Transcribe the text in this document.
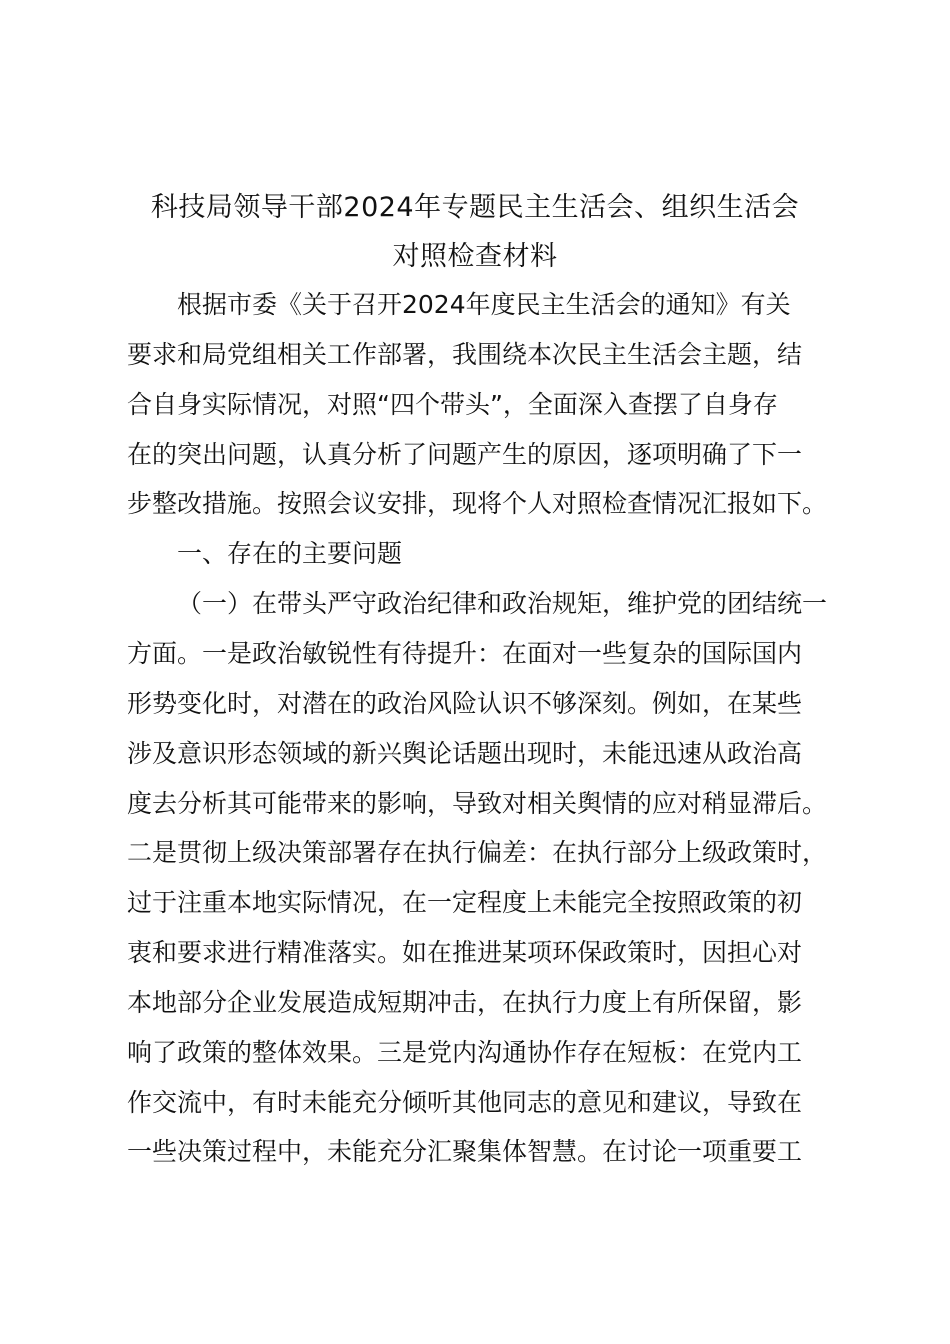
科技局领导干部2024年专题民主生活会、组织生活会
对照检查材料
根据市委《关于召开2024年度民主生活会的通知》有关
要求和局党组相关工作部署，我围绕本次民主生活会主题，结
合自身实际情况，对照“四个带头”，全面深入查摆了自身存
在的突出问题，认真分析了问题产生的原因，逐项明确了下一
步整改措施。按照会议安排，现将个人对照检查情况汇报如下。
一、存在的主要问题
（一）在带头严守政治纪律和政治规矩，维护党的团结统一
方面。一是政治敏锐性有待提升：在面对一些复杂的国际国内
形势变化时，对潜在的政治风险认识不够深刻。例如，在某些
涉及意识形态领域的新兴舆论话题出现时，未能迅速从政治高
度去分析其可能带来的影响，导致对相关舆情的应对稍显滞后。
二是贯彻上级决策部署存在执行偏差：在执行部分上级政策时，
过于注重本地实际情况，在一定程度上未能完全按照政策的初
衷和要求进行精准落实。如在推进某项环保政策时，因担心对
本地部分企业发展造成短期冲击，在执行力度上有所保留，影
响了政策的整体效果。三是党内沟通协作存在短板：在党内工
作交流中，有时未能充分倾听其他同志的意见和建议，导致在
一些决策过程中，未能充分汇聚集体智慧。在讨论一项重要工
